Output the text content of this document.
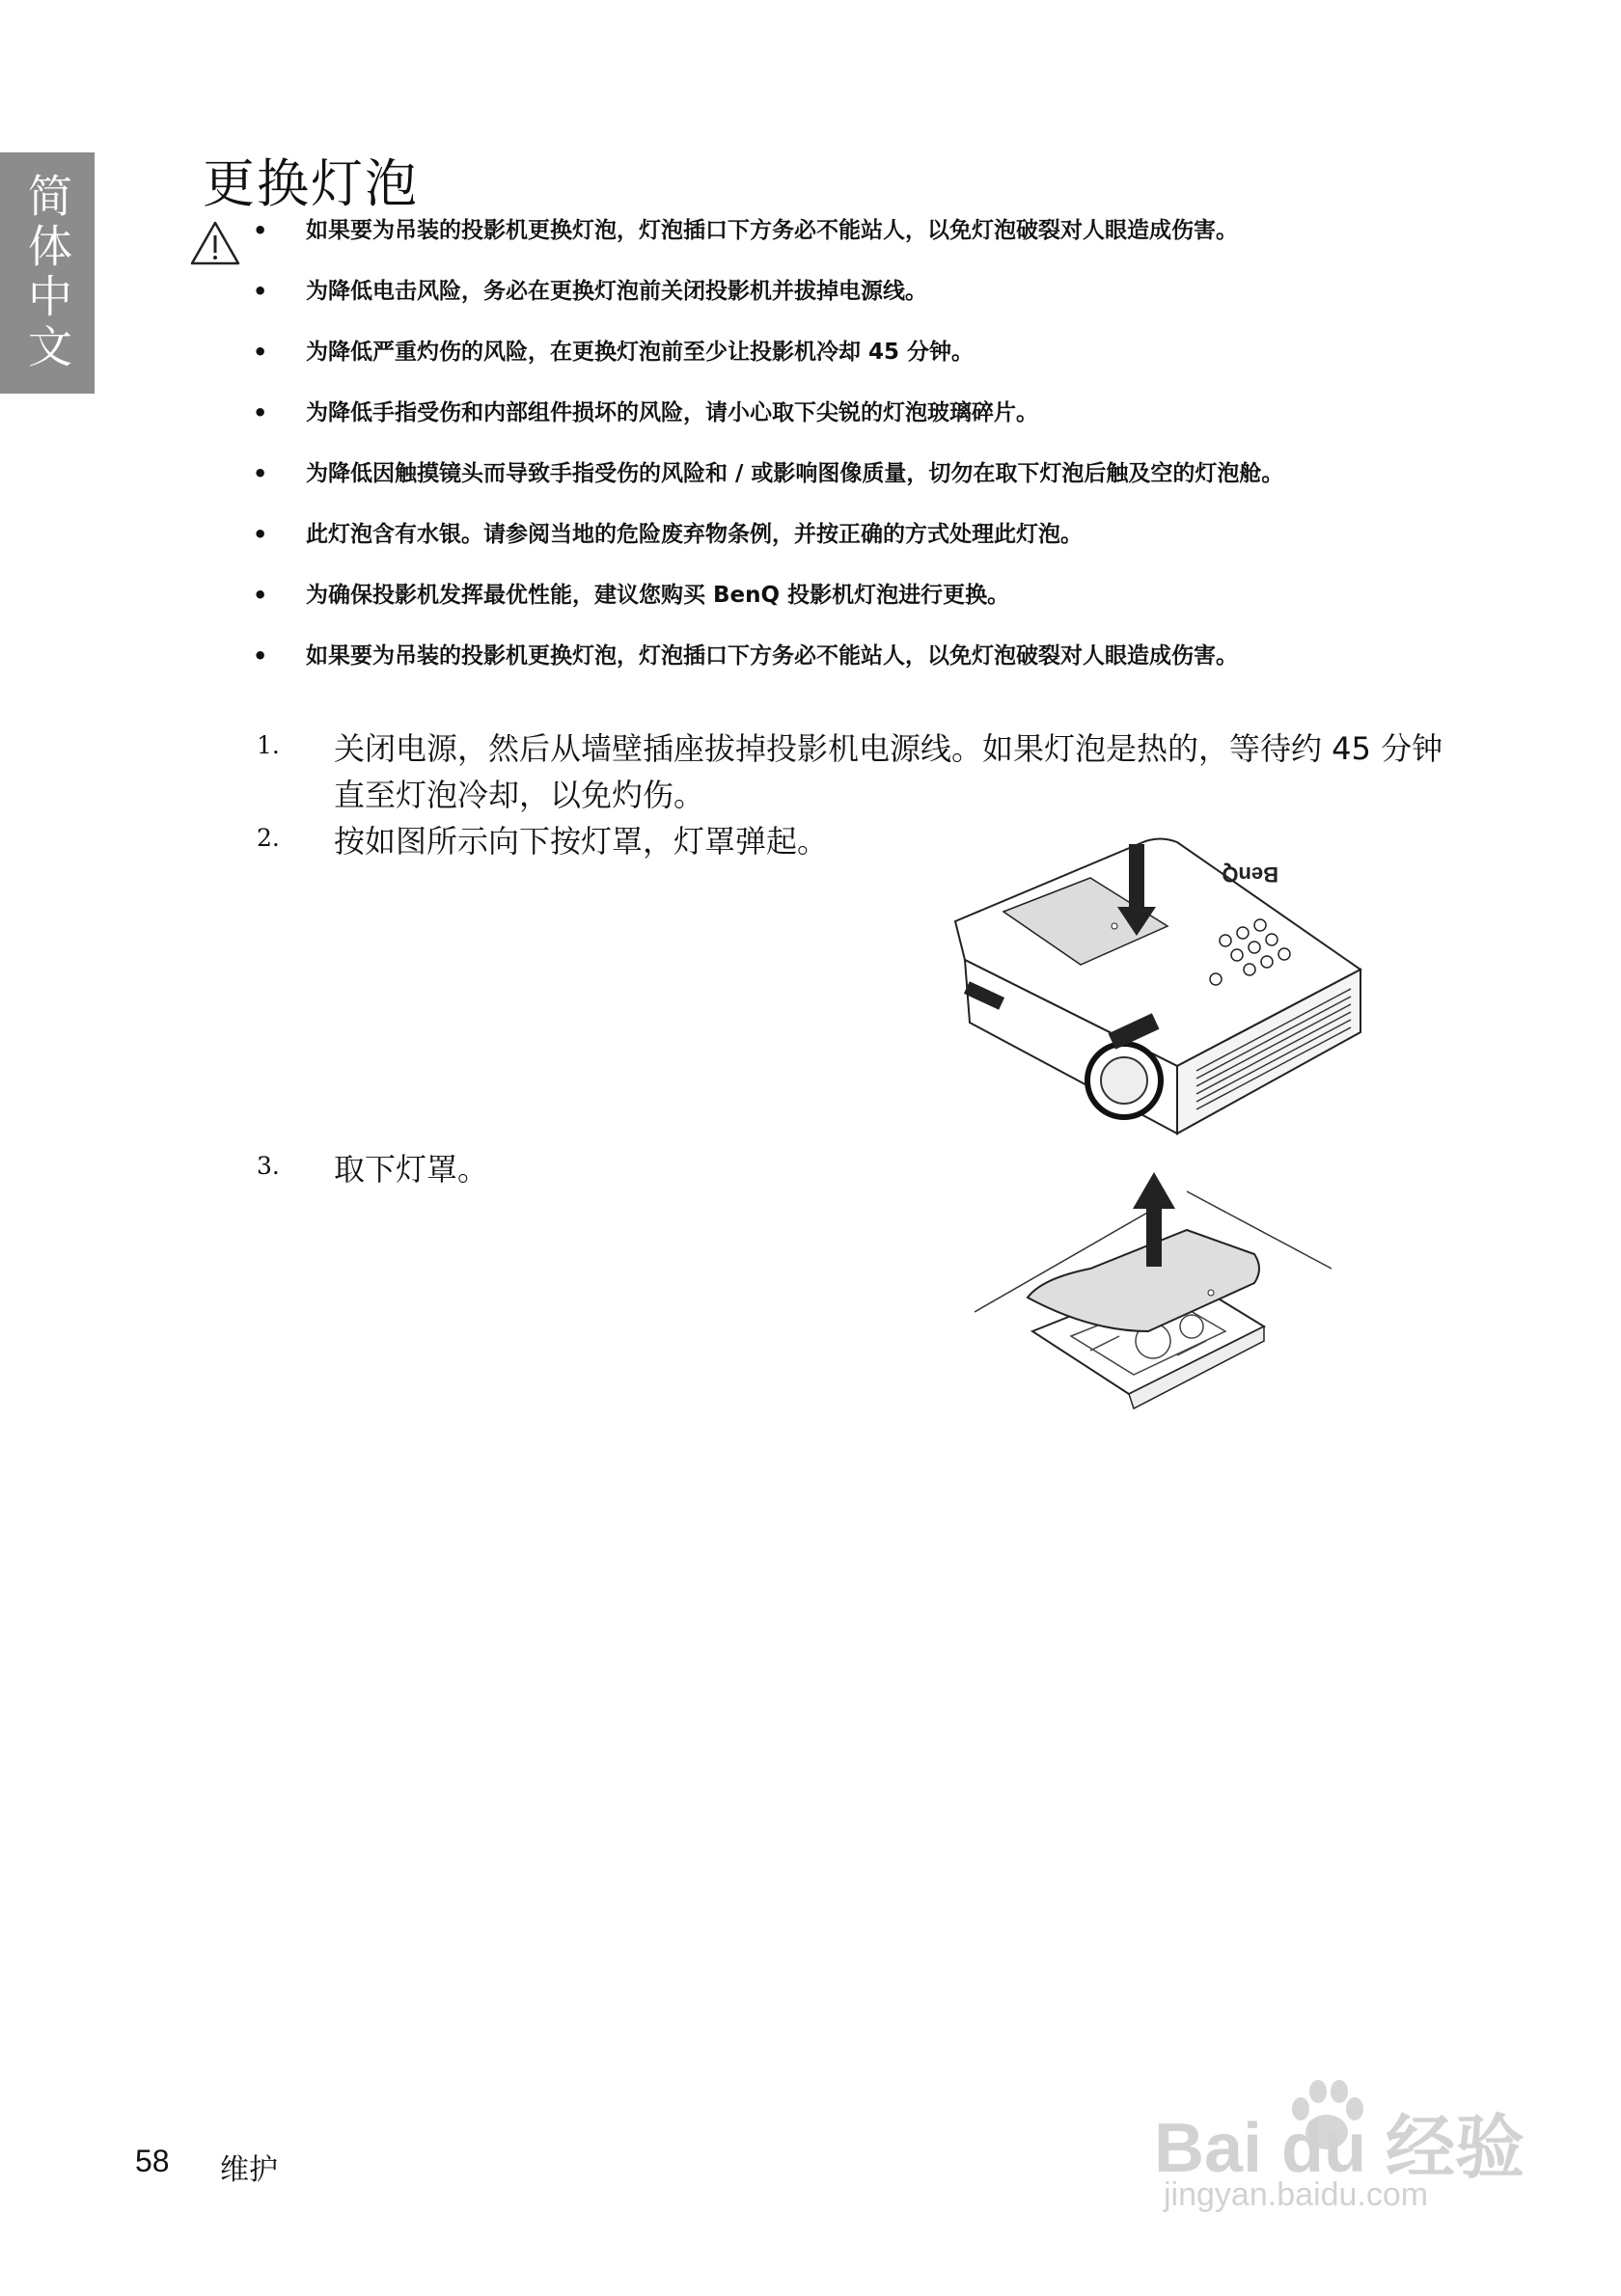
简体中文 更换灯泡
• 如果要为吊装的投影机更换灯泡，灯泡插口下方务必不能站人，以免灯泡破裂对人眼造成伤害。
• 为降低电击风险，务必在更换灯泡前关闭投影机并拔掉电源线。
• 为降低严重灼伤的风险，在更换灯泡前至少让投影机冷却 45 分钟。
• 为降低手指受伤和内部组件损坏的风险，请小心取下尖锐的灯泡玻璃碎片。
• 为降低因触摸镜头而导致手指受伤的风险和 / 或影响图像质量，切勿在取下灯泡后触及空的灯泡舱。
• 此灯泡含有水银。请参阅当地的危险废弃物条例，并按正确的方式处理此灯泡。
• 为确保投影机发挥最优性能，建议您购买 BenQ 投影机灯泡进行更换。
• 如果要为吊装的投影机更换灯泡，灯泡插口下方务必不能站人，以免灯泡破裂对人眼造成伤害。
1. 关闭电源，然后从墙壁插座拔掉投影机电源线。如果灯泡是热的，等待约 45 分钟直至灯泡冷却，以免灼伤。
2. 按如图所示向下按灯罩，灯罩弹起。
3. 取下灯罩。
BenQ
58 维护	Bai du 经验
jingyan.baidu.com
